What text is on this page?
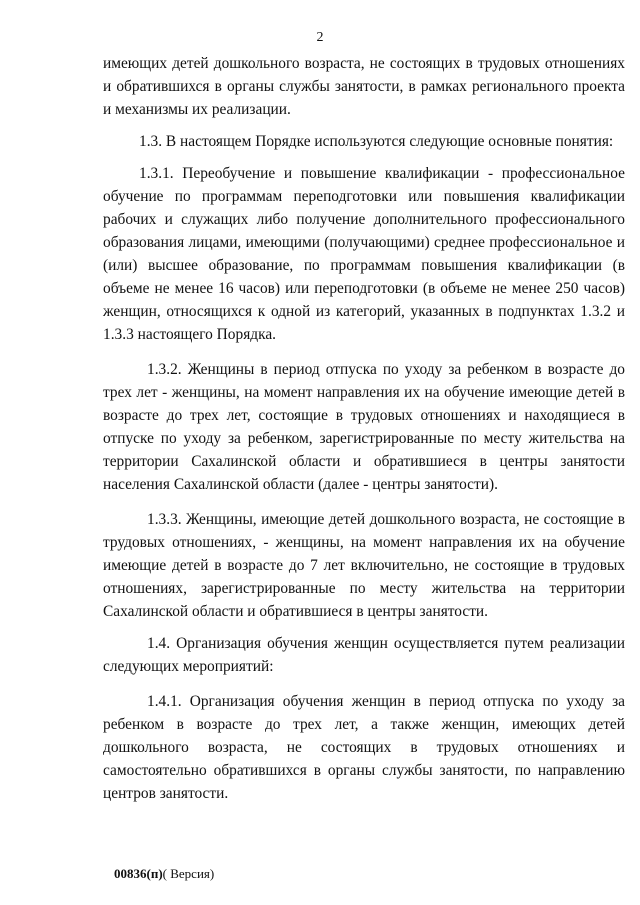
2

имеющих детей дошкольного возраста, не состоящих в трудовых отношениях и обратившихся в органы службы занятости, в рамках регионального проекта и механизмы их реализации.

1.3. В настоящем Порядке используются следующие основные понятия:

1.3.1. Переобучение и повышение квалификации - профессиональное обучение по программам переподготовки или повышения квалификации рабочих и служащих либо получение дополнительного профессионального образования лицами, имеющими (получающими) среднее профессиональное и (или) высшее образование, по программам повышения квалификации (в объеме не менее 16 часов) или переподготовки (в объеме не менее 250 часов) женщин, относящихся к одной из категорий, указанных в подпунктах 1.3.2 и 1.3.3 настоящего Порядка.

1.3.2. Женщины в период отпуска по уходу за ребенком в возрасте до трех лет - женщины, на момент направления их на обучение имеющие детей в возрасте до трех лет, состоящие в трудовых отношениях и находящиеся в отпуске по уходу за ребенком, зарегистрированные по месту жительства на территории Сахалинской области и обратившиеся в центры занятости населения Сахалинской области (далее - центры занятости).

1.3.3. Женщины, имеющие детей дошкольного возраста, не состоящие в трудовых отношениях, - женщины, на момент направления их на обучение имеющие детей в возрасте до 7 лет включительно, не состоящие в трудовых отношениях, зарегистрированные по месту жительства на территории Сахалинской области и обратившиеся в центры занятости.

1.4. Организация обучения женщин осуществляется путем реализации следующих мероприятий:

1.4.1. Организация обучения женщин в период отпуска по уходу за ребенком в возрасте до трех лет, а также женщин, имеющих детей дошкольного возраста, не состоящих в трудовых отношениях и самостоятельно обратившихся в органы службы занятости, по направлению центров занятости.

00836(п)( Версия)
